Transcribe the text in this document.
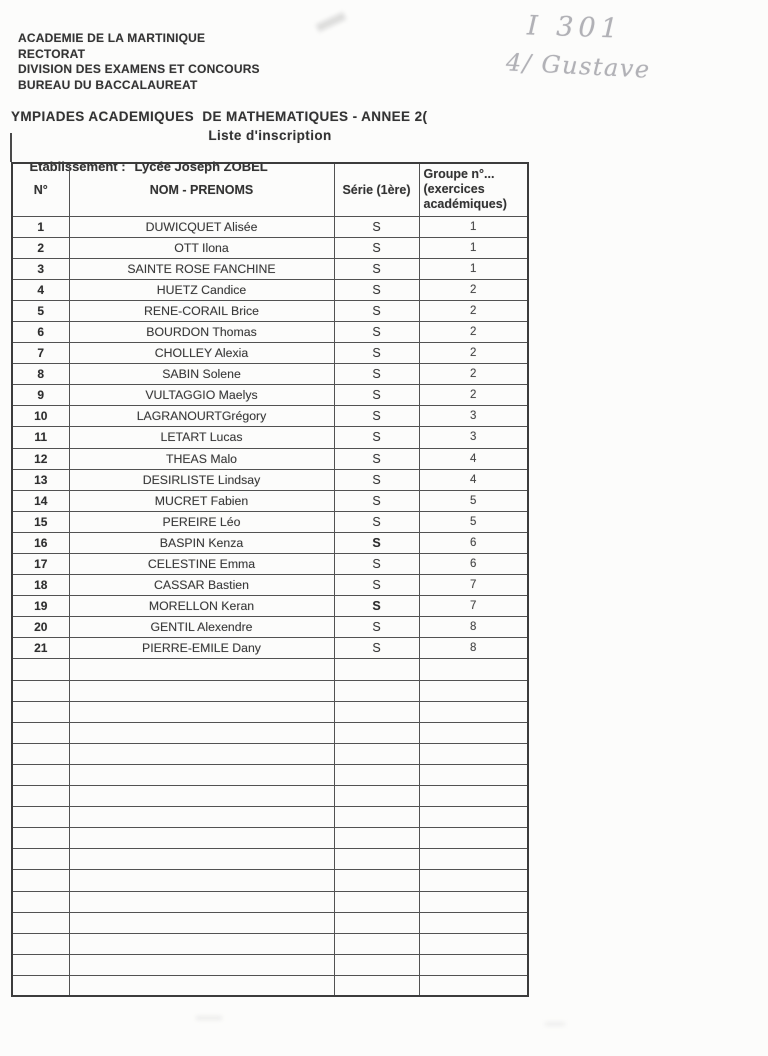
ACADEMIE DE LA MARTINIQUE
RECTORAT
DIVISION DES EXAMENS ET CONCOURS
BUREAU DU BACCALAUREAT
I 301
4/ Gustave
YMPIADES ACADEMIQUES  DE MATHEMATIQUES - ANNEE 2(
Liste d'inscription

Etablissement : Lycée Joseph ZOBEL

N°	NOM - PRENOMS	Série (1ère)	Groupe n°...
(exercices
académiques)

1	DUWICQUET Alisée	S	1
2	OTT Ilona	S	1
3	SAINTE ROSE FANCHINE	S	1
4	HUETZ Candice	S	2
5	RENE-CORAIL Brice	S	2
6	BOURDON Thomas	S	2
7	CHOLLEY Alexia	S	2
8	SABIN Solene	S	2
9	VULTAGGIO Maelys	S	2
10	LAGRANOURTGrégory	S	3
11	LETART Lucas	S	3
12	THEAS Malo	S	4
13	DESIRLISTE Lindsay	S	4
14	MUCRET Fabien	S	5
15	PEREIRE Léo	S	5
16	BASPIN Kenza	S	6
17	CELESTINE Emma	S	6
18	CASSAR Bastien	S	7
19	MORELLON Keran	S	7
20	GENTIL Alexendre	S	8
21	PIERRE-EMILE Dany	S	8
